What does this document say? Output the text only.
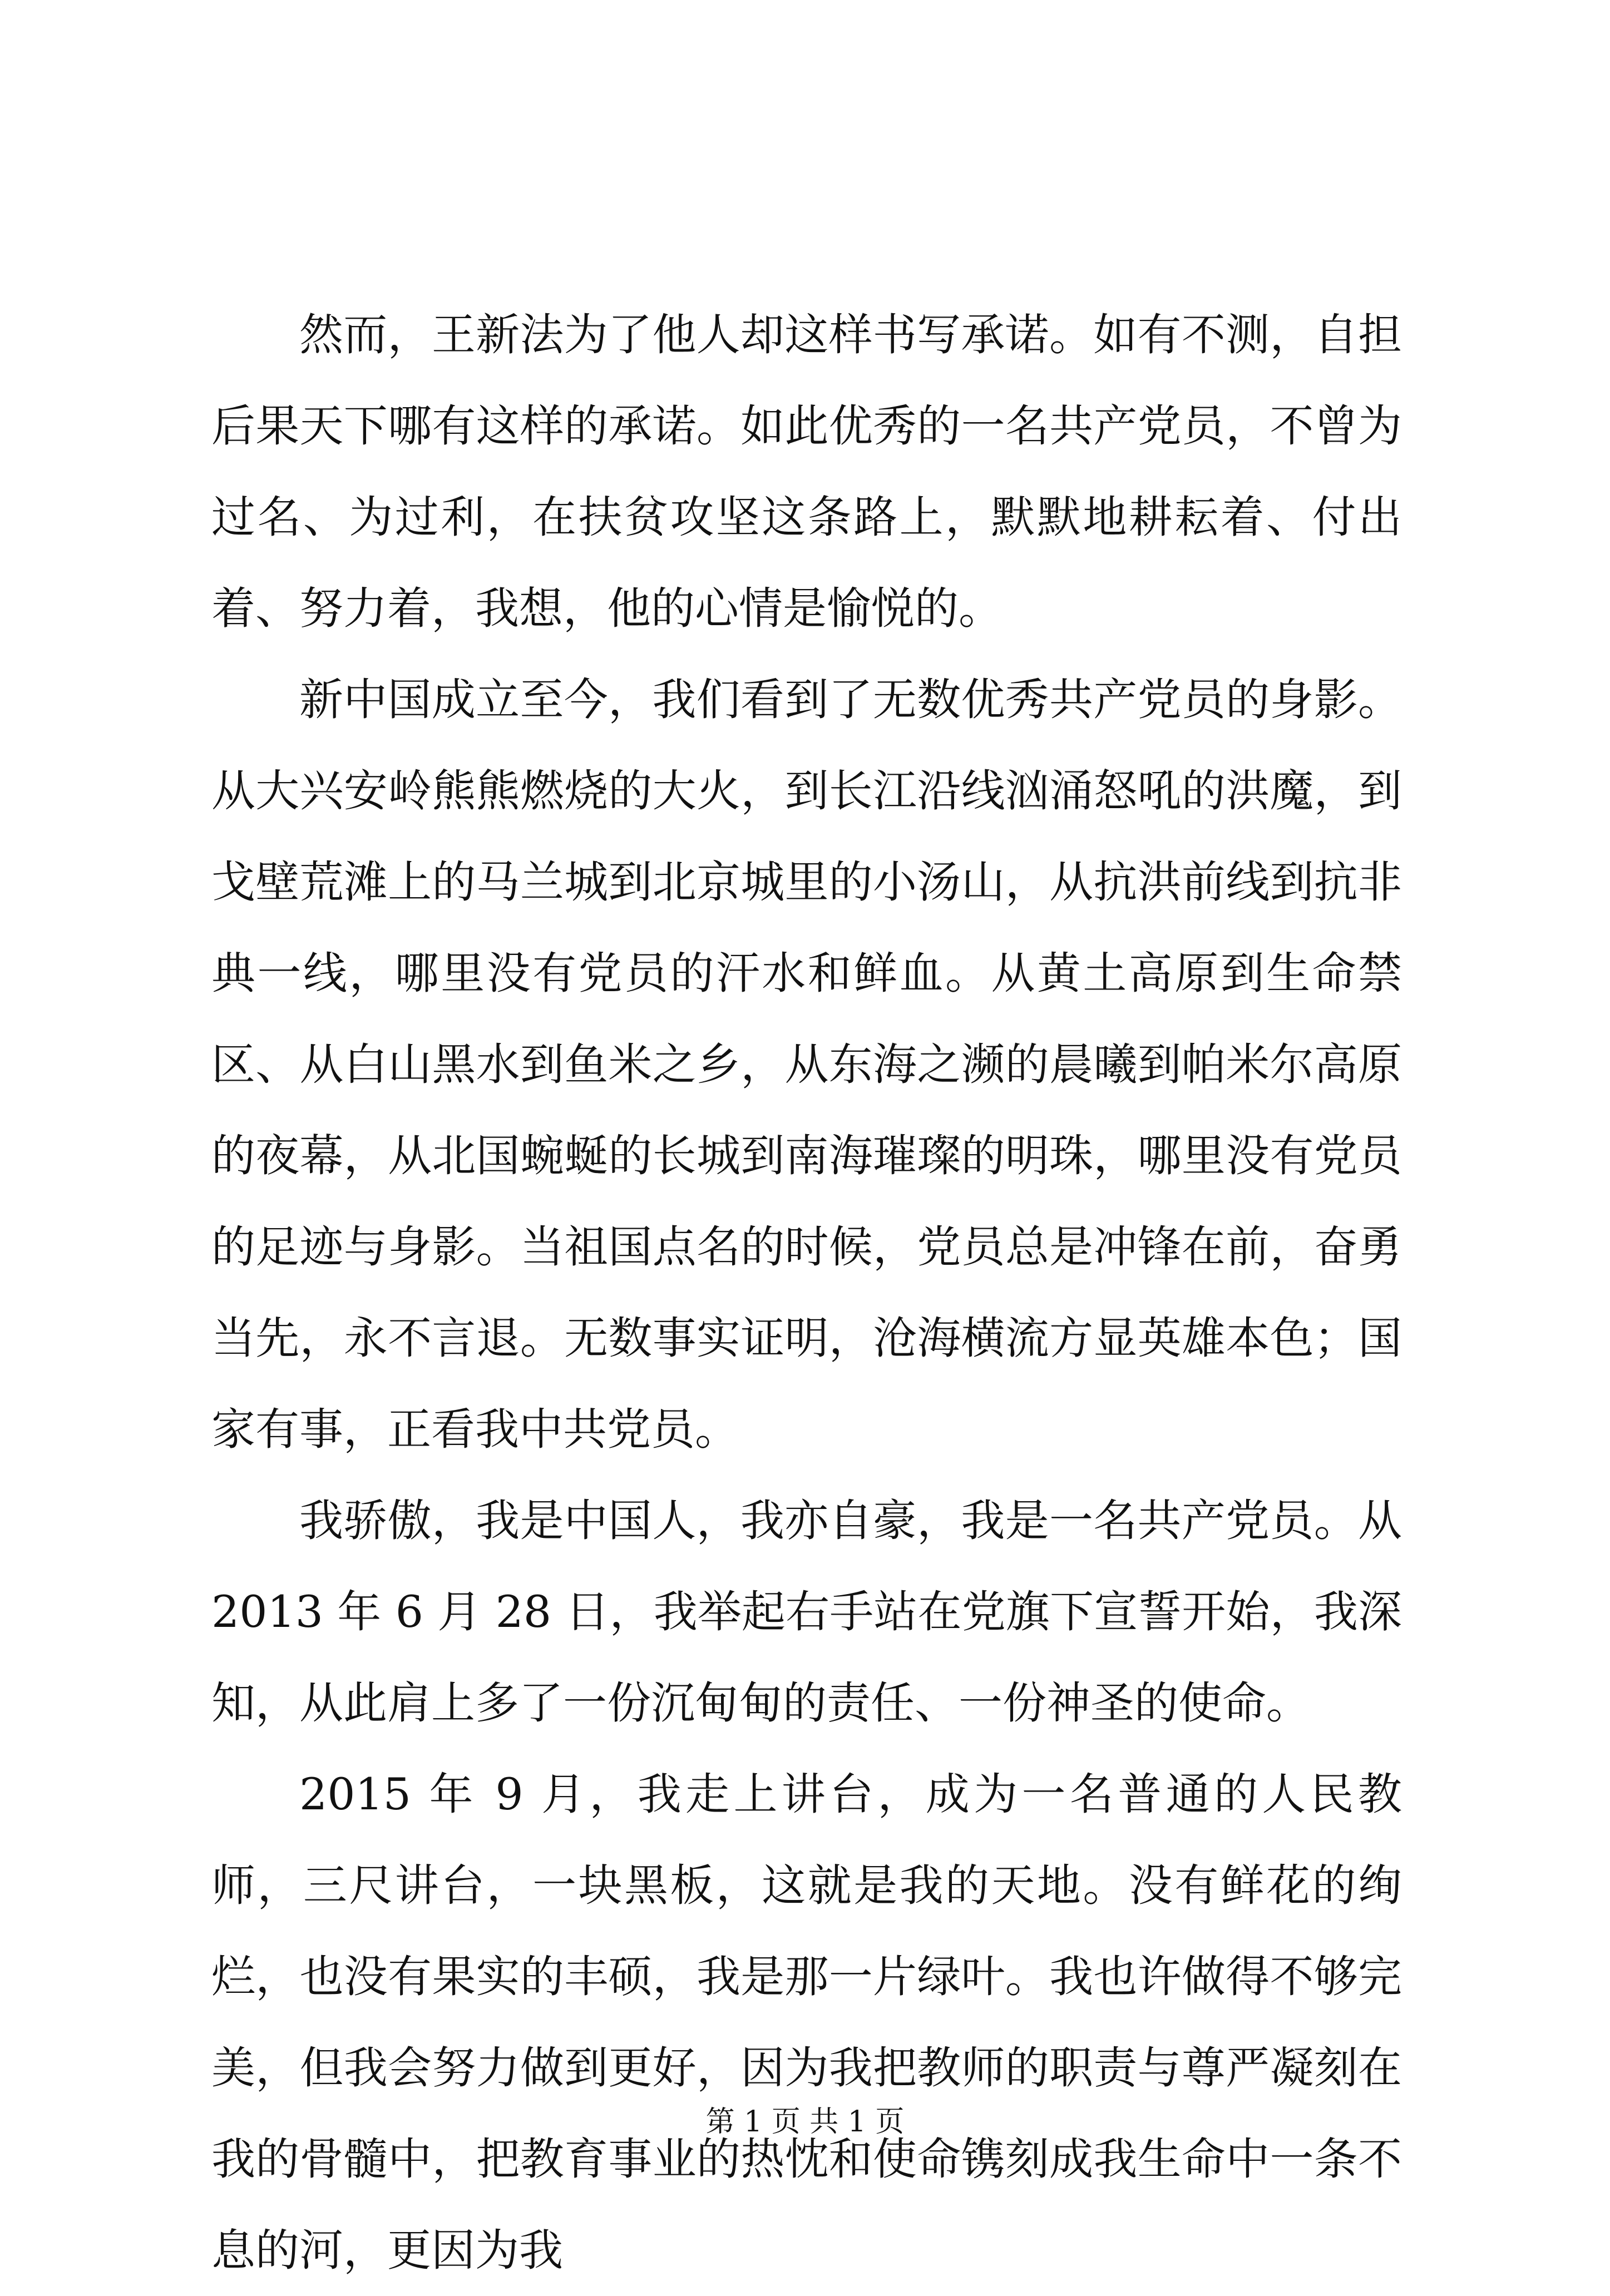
然而，王新法为了他人却这样书写承诺。如有不测，自担后果天下哪有这样的承诺。如此优秀的一名共产党员，不曾为过名、为过利，在扶贫攻坚这条路上，默默地耕耘着、付出着、努力着，我想，他的心情是愉悦的。

新中国成立至今，我们看到了无数优秀共产党员的身影。从大兴安岭熊熊燃烧的大火，到长江沿线汹涌怒吼的洪魔，到戈壁荒滩上的马兰城到北京城里的小汤山，从抗洪前线到抗非典一线，哪里没有党员的汗水和鲜血。从黄土高原到生命禁区、从白山黑水到鱼米之乡，从东海之濒的晨曦到帕米尔高原的夜幕，从北国蜿蜒的长城到南海璀璨的明珠，哪里没有党员的足迹与身影。当祖国点名的时候，党员总是冲锋在前，奋勇当先，永不言退。无数事实证明，沧海横流方显英雄本色；国家有事，正看我中共党员。

我骄傲，我是中国人，我亦自豪，我是一名共产党员。从 2013 年 6 月 28 日，我举起右手站在党旗下宣誓开始，我深知，从此肩上多了一份沉甸甸的责任、一份神圣的使命。

2015 年 9 月，我走上讲台，成为一名普通的人民教师，三尺讲台，一块黑板，这就是我的天地。没有鲜花的绚烂，也没有果实的丰硕，我是那一片绿叶。我也许做得不够完美，但我会努力做到更好，因为我把教师的职责与尊严凝刻在我的骨髓中，把教育事业的热忱和使命镌刻成我生命中一条不息的河，更因为我

第 1 页 共 1 页
